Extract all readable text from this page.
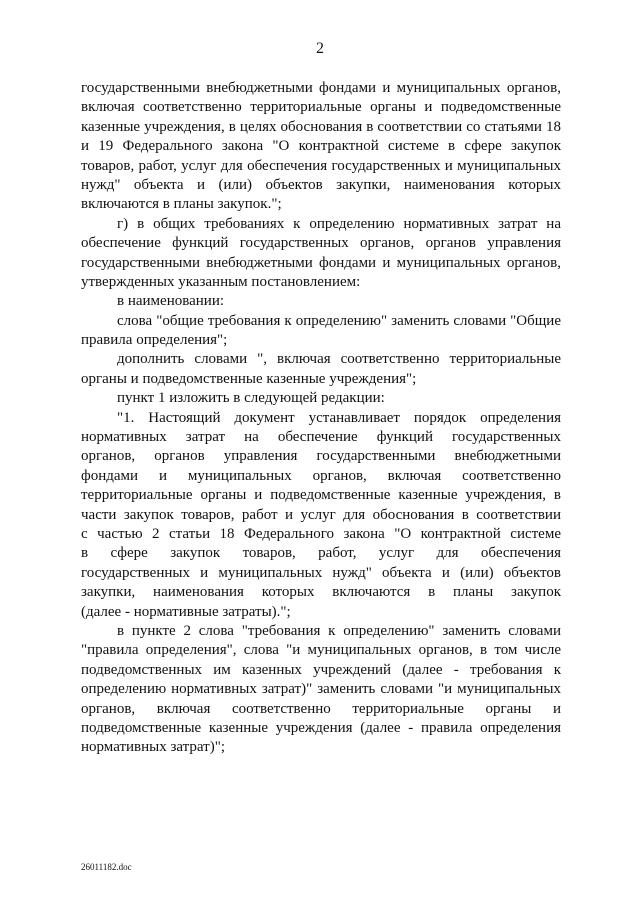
2
государственными внебюджетными фондами и муниципальных органов,
включая соответственно территориальные органы и подведомственные
казенные учреждения, в целях обоснования в соответствии со статьями 18
и 19 Федерального закона "О контрактной системе в сфере закупок
товаров, работ, услуг для обеспечения государственных и муниципальных
нужд" объекта и (или) объектов закупки, наименования которых
включаются в планы закупок.";
г) в общих требованиях к определению нормативных затрат на
обеспечение функций государственных органов, органов управления
государственными внебюджетными фондами и муниципальных органов,
утвержденных указанным постановлением:
в наименовании:
слова "общие требования к определению" заменить словами "Общие
правила определения";
дополнить словами ", включая соответственно территориальные
органы и подведомственные казенные учреждения";
пункт 1 изложить в следующей редакции:
"1. Настоящий документ устанавливает порядок определения
нормативных затрат на обеспечение функций государственных
органов, органов управления государственными внебюджетными
фондами и муниципальных органов, включая соответственно
территориальные органы и подведомственные казенные учреждения, в
части закупок товаров, работ и услуг для обоснования в соответствии
с частью 2 статьи 18 Федерального закона "О контрактной системе
в сфере закупок товаров, работ, услуг для обеспечения
государственных и муниципальных нужд" объекта и (или) объектов
закупки, наименования которых включаются в планы закупок
(далее - нормативные затраты).";
в пункте 2 слова "требования к определению" заменить словами
"правила определения", слова "и муниципальных органов, в том числе
подведомственных им казенных учреждений (далее - требования к
определению нормативных затрат)" заменить словами "и муниципальных
органов, включая соответственно территориальные органы и
подведомственные казенные учреждения (далее - правила определения
нормативных затрат)";
26011182.doc
